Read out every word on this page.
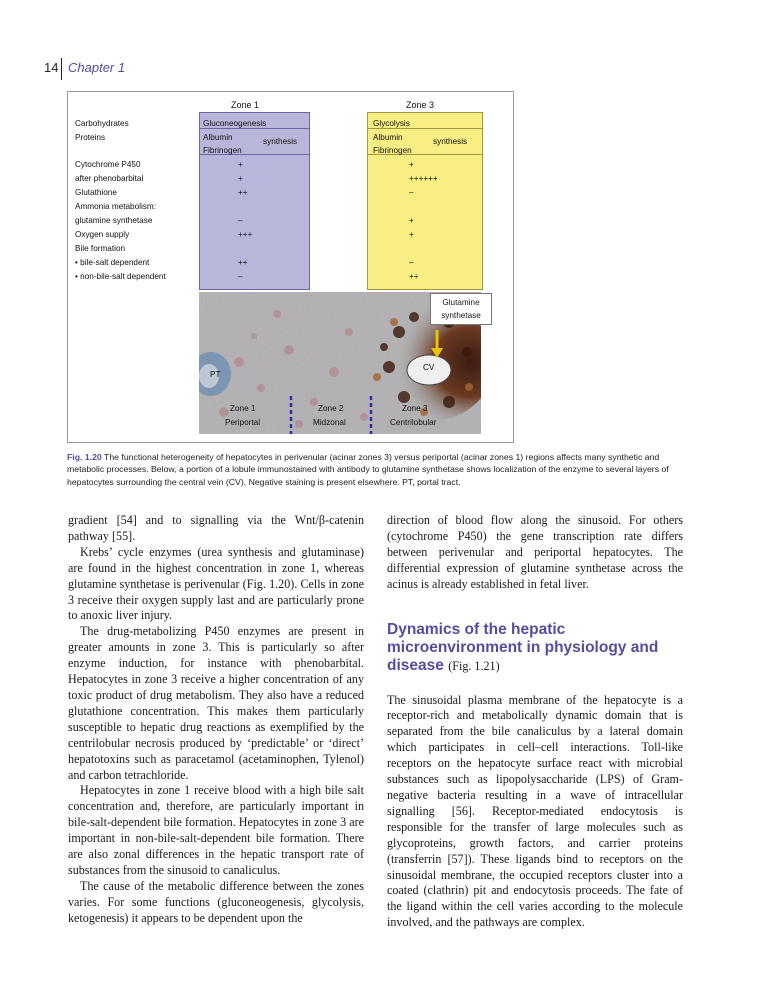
14 Chapter 1
Zone 1	Zone 3
Carbohydrates
Proteins
Cytochrome P450
after phenobarbital
Glutathione
Ammonia metabolism:
glutamine synthetase
Oxygen supply
Bile formation
• bile-salt dependent
• non-bile-salt dependent
Gluconeogenesis
Albumin
Fibrinogen
synthesis
+
+
++
–
+++
++
–
Glycolysis
Albumin
Fibrinogen
synthesis
+
++++++
–
+
+
–
++
Glutamine
synthetase
PT
CV
Zone 1
Periportal
Zone 2
Midzonal
Zone 3
Centrilobular
Fig. 1.20 The functional heterogeneity of hepatocytes in perivenular (acinar zones 3) versus periportal (acinar zones 1) regions affects many synthetic and metabolic processes. Below, a portion of a lobule immunostained with antibody to glutamine synthetase shows localization of the enzyme to several layers of hepatocytes surrounding the central vein (CV). Negative staining is present elsewhere. PT, portal tract.

gradient [54] and to signalling via the Wnt/β-catenin pathway [55].

Krebs’ cycle enzymes (urea synthesis and glutaminase) are found in the highest concentration in zone 1, whereas glutamine synthetase is perivenular (Fig. 1.20). Cells in zone 3 receive their oxygen supply last and are particularly prone to anoxic liver injury.

The drug-metabolizing P450 enzymes are present in greater amounts in zone 3. This is particularly so after enzyme induction, for instance with phenobarbital. Hepatocytes in zone 3 receive a higher concentration of any toxic product of drug metabolism. They also have a reduced glutathione concentration. This makes them particularly susceptible to hepatic drug reactions as exemplified by the centrilobular necrosis produced by ‘predictable’ or ‘direct’ hepatotoxins such as paracetamol (acetaminophen, Tylenol) and carbon tetrachloride.

Hepatocytes in zone 1 receive blood with a high bile salt concentration and, therefore, are particularly important in bile-salt-dependent bile formation. Hepatocytes in zone 3 are important in non-bile-salt-dependent bile formation. There are also zonal differences in the hepatic transport rate of substances from the sinusoid to canaliculus.

The cause of the metabolic difference between the zones varies. For some functions (gluconeogenesis, glycolysis, ketogenesis) it appears to be dependent upon the

direction of blood flow along the sinusoid. For others (cytochrome P450) the gene transcription rate differs between perivenular and periportal hepatocytes. The differential expression of glutamine synthetase across the acinus is already established in fetal liver.

Dynamics of the hepatic microenvironment in physiology and disease (Fig. 1.21)

The sinusoidal plasma membrane of the hepatocyte is a receptor-rich and metabolically dynamic domain that is separated from the bile canaliculus by a lateral domain which participates in cell–cell interactions. Toll-like receptors on the hepatocyte surface react with microbial substances such as lipopolysaccharide (LPS) of Gram-negative bacteria resulting in a wave of intracellular signalling [56]. Receptor-mediated endocytosis is responsible for the transfer of large molecules such as glycoproteins, growth factors, and carrier proteins (transferrin [57]). These ligands bind to receptors on the sinusoidal membrane, the occupied receptors cluster into a coated (clathrin) pit and endocytosis proceeds. The fate of the ligand within the cell varies according to the molecule involved, and the pathways are complex.
